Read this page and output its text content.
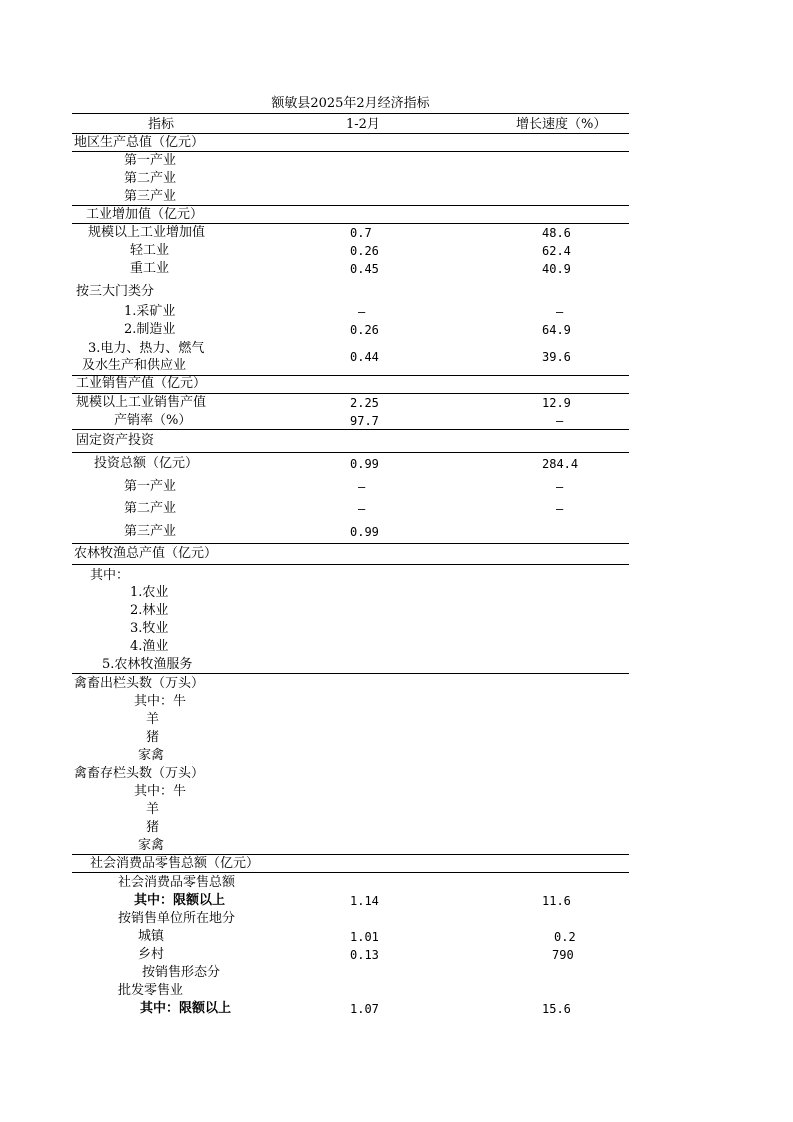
额敏县2025年2月经济指标
指标	1-2月	增长速度（%）
地区生产总值（亿元）
第一产业
第二产业
第三产业
工业增加值（亿元）
规模以上工业增加值	0.7	48.6
轻工业	0.26	62.4
重工业	0.45	40.9
按三大门类分
1.采矿业	—	—
2.制造业	0.26	64.9
3.电力、热力、燃气
及水生产和供应业
0.44	39.6
工业销售产值（亿元）
规模以上工业销售产值	2.25	12.9
产销率（%）	97.7	—
固定资产投资
投资总额（亿元）	0.99	284.4
第一产业	—	—
第二产业	—	—
第三产业	0.99
农林牧渔总产值（亿元）
其中：
1.农业
2.林业
3.牧业
4.渔业
5.农林牧渔服务
禽畜出栏头数（万头）
其中：牛
羊
猪
家禽
禽畜存栏头数（万头）
其中：牛
羊
猪
家禽
社会消费品零售总额（亿元）
社会消费品零售总额
其中：限额以上	1.14	11.6
按销售单位所在地分
城镇	1.01	0.2
乡村	0.13	790
按销售形态分
批发零售业
其中：限额以上	1.07	15.6
